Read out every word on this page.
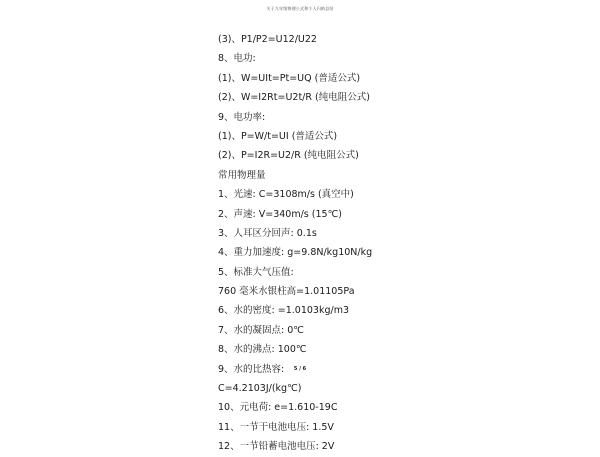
关于九年级物理公式和个人归纳总结
(3)、P1/P2=U12/U22
8、电功:
(1)、W=UIt=Pt=UQ (普适公式)
(2)、W=I2Rt=U2t/R (纯电阻公式)
9、电功率:
(1)、P=W/t=UI (普适公式)
(2)、P=I2R=U2/R (纯电阻公式)
常用物理量
1、光速: C=3108m/s (真空中)
2、声速: V=340m/s (15℃)
3、人耳区分回声: 0.1s
4、重力加速度: g=9.8N/kg10N/kg
5、标准大气压值:
760 毫米水银柱高=1.01105Pa
6、水的密度: =1.0103kg/m3
7、水的凝固点: 0℃
8、水的沸点: 100℃
9、水的比热容:
C=4.2103J/(kg℃)
10、元电荷: e=1.610-19C
11、一节干电池电压: 1.5V
12、一节铅蓄电池电压: 2V
5 / 6
